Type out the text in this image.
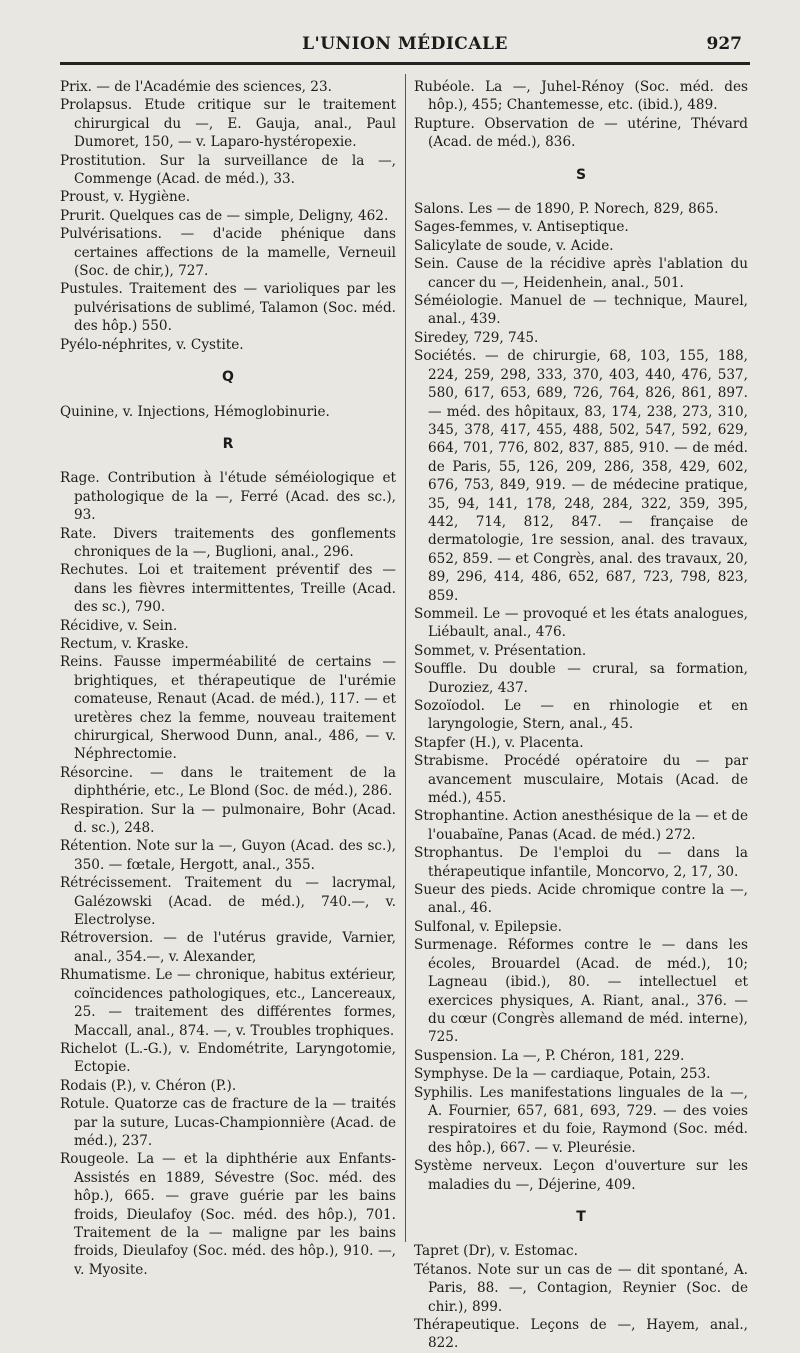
L'UNION MÉDICALE	927

Prix. — de l'Académie des sciences, 23.

Prolapsus. Etude critique sur le traitement chirurgical du —, E. Gauja, anal., Paul Dumoret, 150, — v. Laparo-hystéropexie.

Prostitution. Sur la surveillance de la —, Commenge (Acad. de méd.), 33.

Proust, v. Hygiène.

Prurit. Quelques cas de — simple, Deligny, 462.

Pulvérisations. — d'acide phénique dans certaines affections de la mamelle, Verneuil (Soc. de chir,), 727.

Pustules. Traitement des — varioliques par les pulvérisations de sublimé, Talamon (Soc. méd. des hôp.) 550.

Pyélo-néphrites, v. Cystite.

Q

Quinine, v. Injections, Hémoglobinurie.

R

Rage. Contribution à l'étude séméiologique et pathologique de la —, Ferré (Acad. des sc.), 93.

Rate. Divers traitements des gonflements chroniques de la —, Buglioni, anal., 296.

Rechutes. Loi et traitement préventif des — dans les fièvres intermittentes, Treille (Acad. des sc.), 790.

Récidive, v. Sein.

Rectum, v. Kraske.

Reins. Fausse imperméabilité de certains — brightiques, et thérapeutique de l'urémie comateuse, Renaut (Acad. de méd.), 117. — et uretères chez la femme, nouveau traitement chirurgical, Sherwood Dunn, anal., 486, — v. Néphrectomie.

Résorcine. — dans le traitement de la diphthérie, etc., Le Blond (Soc. de méd.), 286.

Respiration. Sur la — pulmonaire, Bohr (Acad. d. sc.), 248.

Rétention. Note sur la —, Guyon (Acad. des sc.), 350. — fœtale, Hergott, anal., 355.

Rétrécissement. Traitement du — lacrymal, Galézowski (Acad. de méd.), 740.—, v. Electrolyse.

Rétroversion. — de l'utérus gravide, Varnier, anal., 354.—, v. Alexander,

Rhumatisme. Le — chronique, habitus extérieur, coïncidences pathologiques, etc., Lancereaux, 25. — traitement des différentes formes, Maccall, anal., 874. —, v. Troubles trophiques.

Richelot (L.-G.), v. Endométrite, Laryngotomie, Ectopie.

Rodais (P.), v. Chéron (P.).

Rotule. Quatorze cas de fracture de la — traités par la suture, Lucas-Championnière (Acad. de méd.), 237.

Rougeole. La — et la diphthérie aux Enfants-Assistés en 1889, Sévestre (Soc. méd. des hôp.), 665. — grave guérie par les bains froids, Dieulafoy (Soc. méd. des hôp.), 701. Traitement de la — maligne par les bains froids, Dieulafoy (Soc. méd. des hôp.), 910. —, v. Myosite.

Rubéole. La —, Juhel-Rénoy (Soc. méd. des hôp.), 455; Chantemesse, etc. (ibid.), 489.

Rupture. Observation de — utérine, Thévard (Acad. de méd.), 836.

S

Salons. Les — de 1890, P. Norech, 829, 865.

Sages-femmes, v. Antiseptique.

Salicylate de soude, v. Acide.

Sein. Cause de la récidive après l'ablation du cancer du —, Heidenhein, anal., 501.

Séméiologie. Manuel de — technique, Maurel, anal., 439.

Siredey, 729, 745.

Sociétés. — de chirurgie, 68, 103, 155, 188, 224, 259, 298, 333, 370, 403, 440, 476, 537, 580, 617, 653, 689, 726, 764, 826, 861, 897. — méd. des hôpitaux, 83, 174, 238, 273, 310, 345, 378, 417, 455, 488, 502, 547, 592, 629, 664, 701, 776, 802, 837, 885, 910. — de méd. de Paris, 55, 126, 209, 286, 358, 429, 602, 676, 753, 849, 919. — de médecine pratique, 35, 94, 141, 178, 248, 284, 322, 359, 395, 442, 714, 812, 847. — française de dermatologie, 1re session, anal. des travaux, 652, 859. — et Congrès, anal. des travaux, 20, 89, 296, 414, 486, 652, 687, 723, 798, 823, 859.

Sommeil. Le — provoqué et les états analogues, Liébault, anal., 476.

Sommet, v. Présentation.

Souffle. Du double — crural, sa formation, Duroziez, 437.

Sozoïodol. Le — en rhinologie et en laryngologie, Stern, anal., 45.

Stapfer (H.), v. Placenta.

Strabisme. Procédé opératoire du — par avancement musculaire, Motais (Acad. de méd.), 455.

Strophantine. Action anesthésique de la — et de l'ouabaïne, Panas (Acad. de méd.) 272.

Strophantus. De l'emploi du — dans la thérapeutique infantile, Moncorvo, 2, 17, 30.

Sueur des pieds. Acide chromique contre la —, anal., 46.

Sulfonal, v. Epilepsie.

Surmenage. Réformes contre le — dans les écoles, Brouardel (Acad. de méd.), 10; Lagneau (ibid.), 80. — intellectuel et exercices physiques, A. Riant, anal., 376. — du cœur (Congrès allemand de méd. interne), 725.

Suspension. La —, P. Chéron, 181, 229.

Symphyse. De la — cardiaque, Potain, 253.

Syphilis. Les manifestations linguales de la —, A. Fournier, 657, 681, 693, 729. — des voies respiratoires et du foie, Raymond (Soc. méd. des hôp.), 667. — v. Pleurésie.

Système nerveux. Leçon d'ouverture sur les maladies du —, Déjerine, 409.

T

Tapret (Dr), v. Estomac.

Tétanos. Note sur un cas de — dit spontané, A. Paris, 88. —, Contagion, Reynier (Soc. de chir.), 899.

Thérapeutique. Leçons de —, Hayem, anal., 822.
